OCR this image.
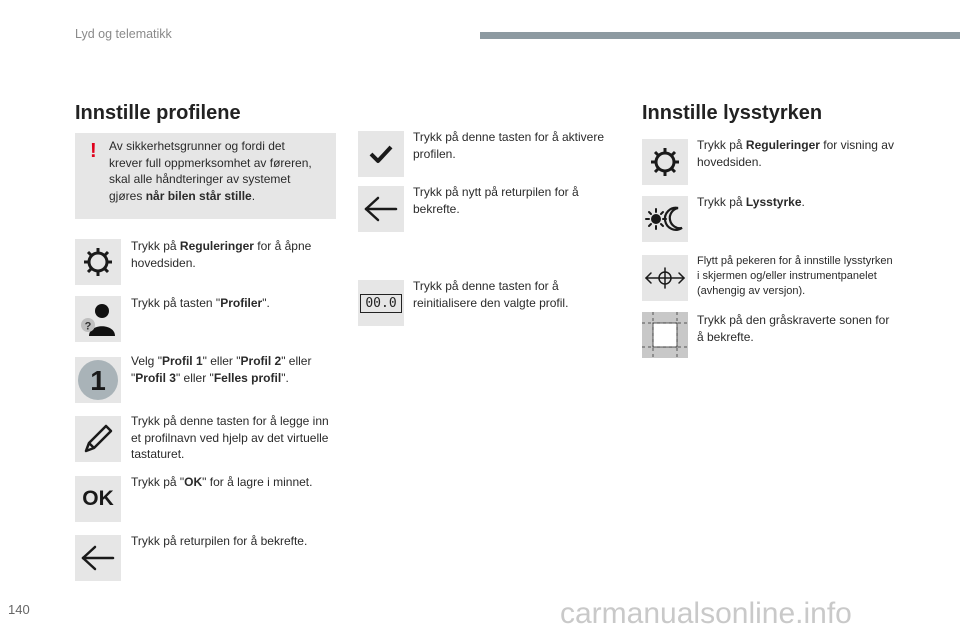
Lyd og telematikk
Innstille profilene
! Av sikkerhetsgrunner og fordi det
krever full oppmerksomhet av føreren,
skal alle håndteringer av systemet
gjøres når bilen står stille.
Trykk på Reguleringer for å åpne
hovedsiden.
?
Trykk på tasten "Profiler".
1
Velg "Profil 1" eller "Profil 2" eller
"Profil 3" eller "Felles profil".
Trykk på denne tasten for å legge inn
et profilnavn ved hjelp av det virtuelle
tastaturet.
OK
Trykk på "OK" for å lagre i minnet.
Trykk på returpilen for å bekrefte.
Trykk på denne tasten for å aktivere
profilen.
Trykk på nytt på returpilen for å
bekrefte.
00.0
Trykk på denne tasten for å
reinitialisere den valgte profil.
Innstille lysstyrken
Trykk på Reguleringer for visning av
hovedsiden.
Trykk på Lysstyrke.
Flytt på pekeren for å innstille lysstyrken
i skjermen og/eller instrumentpanelet
(avhengig av versjon).
Trykk på den gråskraverte sonen for
å bekrefte.
140	carmanualsonline.info
